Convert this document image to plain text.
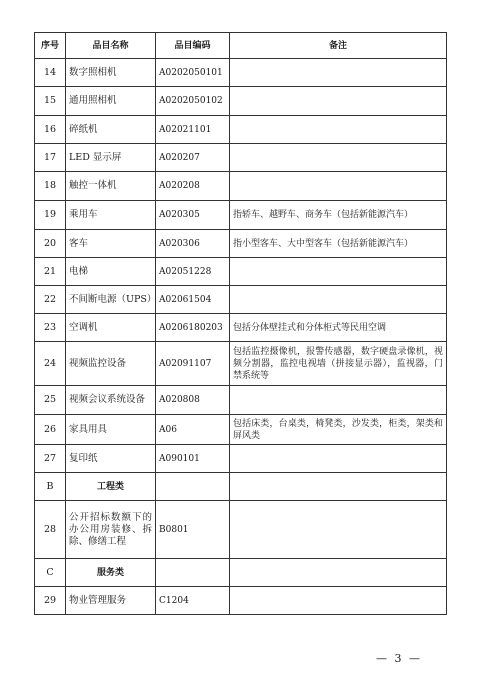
序号	品目名称	品目编码	备注
14	数字照相机	A0202050101	
15	通用照相机	A0202050102	
16	碎纸机	A02021101	
17	LED 显示屏	A020207	
18	触控一体机	A020208	
19	乘用车	A020305	指轿车、越野车、商务车（包括新能源汽车）
20	客车	A020306	指小型客车、大中型客车（包括新能源汽车）
21	电梯	A02051228	
22	不间断电源（UPS）	A02061504	
23	空调机	A0206180203	包括分体壁挂式和分体柜式等民用空调
24	视频监控设备	A02091107	包括监控摄像机，报警传感器，数字硬盘录像机，视频分割器，监控电视墙（拼接显示器），监视器，门禁系统等
25	视频会议系统设备	A020808	
26	家具用具	A06	包括床类，台桌类，椅凳类，沙发类，柜类，架类和屏风类
27	复印纸	A090101	
B	工程类		
28	公开招标数额下的办公用房装修、拆除、修缮工程	B0801	
C	服务类		
29	物业管理服务	C1204	
— 3 —
